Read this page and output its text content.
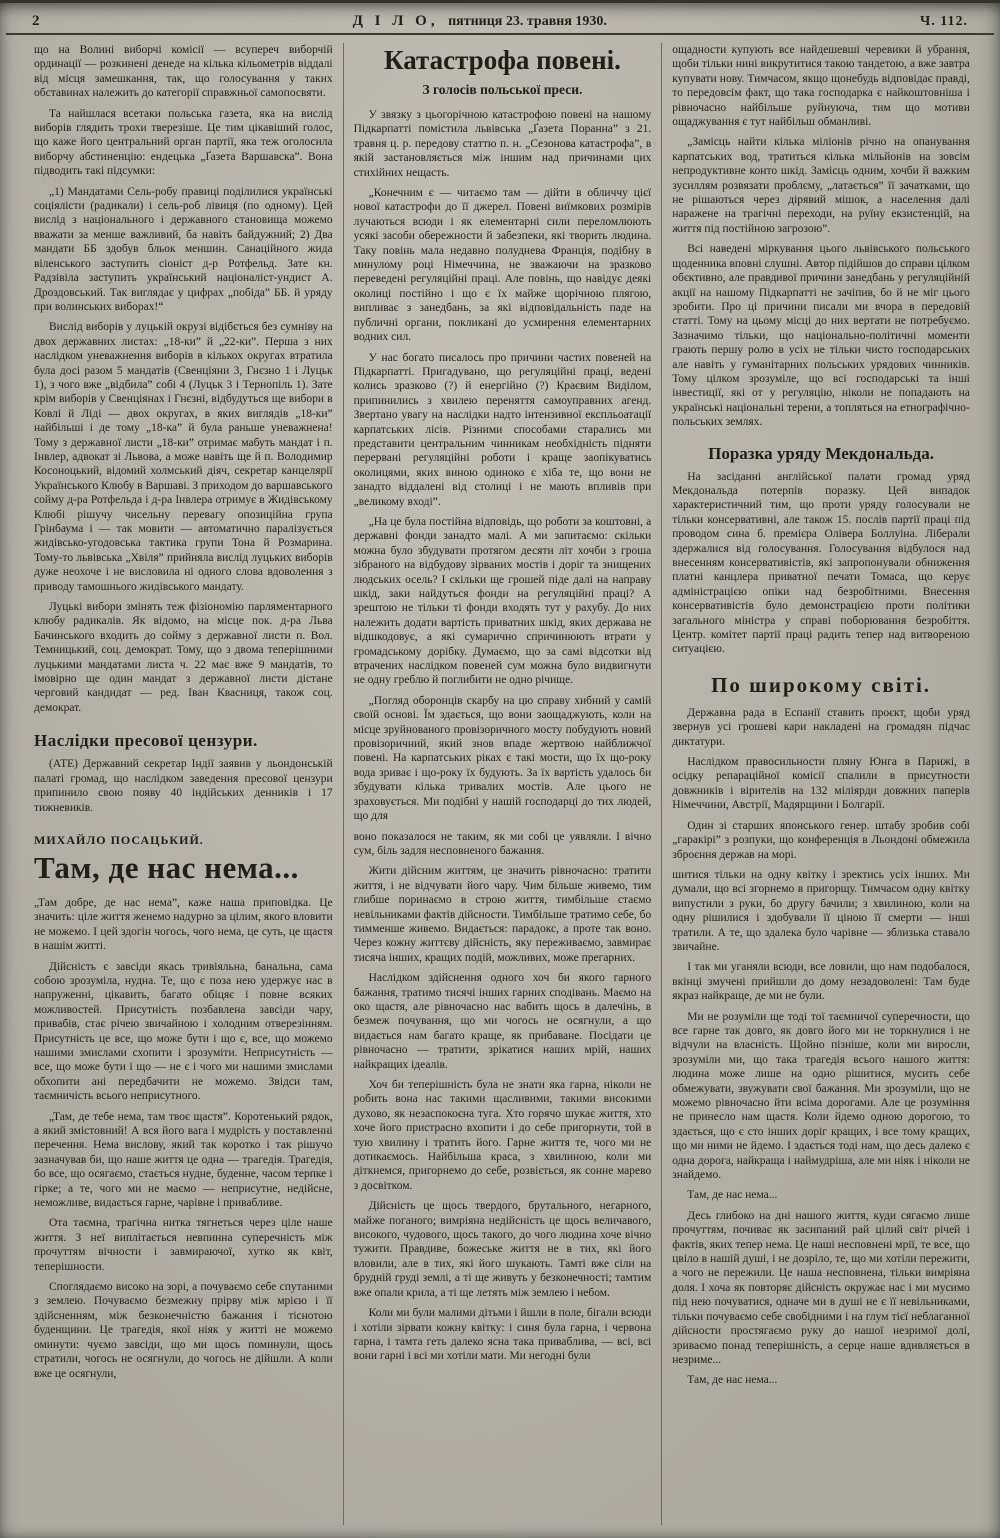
2	Д І Л О, пятниця 23. травня 1930.	Ч. 112.

що на Волині виборчі комісії — всупереч виборчій ординації — розкинені денеде на кілька кільометрів віддалі від місця замешкання, так, що голосування у таких обставинах належить до категорії справжньої самопосвяти.

Та найшлася всетаки польська газета, яка на вислід виборів глядить трохи тверезіше. Це тим цікавіший голос, що каже його центральний орган партії, яка теж оголосила виборчу абстиненцію: ендецька „Ґазета Варшавска”. Вона підводить такі підсумки:

„1) Мандатами Сель-робу правиці поділилися українські соціялісти (радикали) і сель-роб лівиця (по одному). Цей вислід з національного і державного становища можемо вважати за менше важливий, ба навіть байдужний; 2) Два мандати ББ здобув бльок меншин. Санаційного жида віленського заступить сіоніст д-р Ротфельд. Зате кн. Радзівіла заступить український націоналіст-ундист А. Дроздовський. Так виглядає у цифрах „побіда” ББ. й уряду при волинських виборах!“

Вислід виборів у луцькій окрузі відібється без сумніву на двох державних листах: „18-ки” й „22-ки”. Перша з них наслідком уневажнення виборів в кількох округах втратила була досі разом 5 мандатів (Свенціяни 3, Гнєзно 1 і Луцьк 1), з чого вже „відбила” собі 4 (Луцьк 3 і Тернопіль 1). Зате крім виборів у Свенціянах і Гнєзні, відбудуться ще вибори в Ковлі й Ліді — двох округах, в яких виглядів „18-ки” найбільші і де тому „18-ка” й була раньше уневажнена! Тому з державної листи „18-ки” отримає мабуть мандат і п. Інвлер, адвокат зі Львова, а може навіть ще й п. Володимир Косоноцький, відомий холмський діяч, секретар канцелярії Українського Клюбу в Варшаві. З приходом до варшавського сойму д-ра Ротфельда і д-ра Інвлера отримує в Жидівському Клюбі рішучу чисельну перевагу опозиційна група Грінбаума і — так мовити — автоматично паралізується жидівсько-угодовська тактика групи Тона й Розмарина. Тому-то львівська „Хвіля” прийняла вислід луцьких виборів дуже неохоче і не висловила ні одного слова вдоволення з приводу тамошнього жидівського мандату.

Луцькі вибори змінять теж фізіономію парляментарного клюбу радикалів. Як відомо, на місце пок. д-ра Льва Бачинського входить до сойму з державної листи п. Вол. Темницький, соц. демократ. Тому, що з двома теперішними луцькими мандатами листа ч. 22 має вже 9 мандатів, то імовірно ще один мандат з державної листи дістане черговий кандидат — ред. Іван Квасниця, також соц. демократ.

Наслідки пресової цензури.

(АТЕ) Державний секретар Індії заявив у льондонській палаті громад, що наслідком заведення пресової цензури припинило свою появу 40 індійських денників і 17 тижневиків.

МИХАЙЛО ПОСАЦЬКИЙ.
Там, де нас нема...

„Там добре, де нас нема”, каже наша приповідка. Це значить: ціле життя женемо надурно за цілим, якого вловити не можемо. І цей здогін чогось, чого нема, це суть, це щастя в нашім житті.

Дійсність є завсіди якась тривіяльна, банальна, сама собою зрозуміла, нудна. Те, що є поза нею удержує нас в напруженні, цікавить, багато обіцяє і повне всяких можливостей. Присутність позбавлена завсіди чару, привабів, стає річею звичайною і холодним отверезінням. Присутність це все, що може бути і що є, все, що можемо нашими змислами схопити і зрозуміти. Неприсутність — все, що може бути і що — не є і чого ми нашими змислами обхопити ані передбачити не можемо. Звідси там, таємничість всього неприсутного.

„Там, де тебе нема, там твоє щастя”. Коротенький рядок, а який змістовний! А вся його вага і мудрість у поставленні перечення. Нема вислову, який так коротко і так рішучо зазначував би, що наше життя це одна — трагедія. Трагедія, бо все, що осягаємо, стається нудне, буденне, часом терпке і гірке; а те, чого ми не маємо — неприсутне, недійсне, неможливе, видається гарне, чарівне і привабливе.

Ота таємна, трагічна нитка тягнеться через ціле наше життя. З неї виплітається невпинна суперечність між прочуттям вічности і завмираючої, хутко як квіт, теперішности.

Споглядаємо високо на зорі, а почуваємо себе спутаними з землею. Почуваємо безмежну прірву між мрією і її здійсненням, між безконечністю бажання і тіснотою буденщини. Це трагедія, якої ніяк у житті не можемо оминути: чуємо завсіди, що ми щось поминули, щось стратили, чогось не осягнули, до чогось не дійшли. А коли вже це осягнули,

Катастрофа повені.
З голосів польської преси.

У звязку з цьогорічною катастрофою повені на нашому Підкарпатті помістила львівська „Ґазета Поранна” з 21. травня ц. р. передову статтю п. н. „Сезонова катастрофа”, в якій застановляється між іншим над причинами цих стихійних нещасть.

„Конечним є — читаємо там — дійти в обличчу цієї нової катастрофи до її джерел. Повені виїмкових розмірів лучаються всюди і як елементарні сили переломлюють усякі засоби обережности й забезпеки, які творить людина. Таку повінь мала недавно полуднева Франція, подібну в минулому році Німеччина, не зважаючи на зразково переведені регуляційні праці. Але повінь, що навідує деякі околиці постійно і що є їх майже щорічною плягою, випливає з занедбань, за які відповідальність паде на публичні органи, покликані до усмирення елементарних водних сил.

У нас богато писалось про причини частих повеней на Підкарпатті. Пригадувано, що регуляційні праці, ведені колись зразково (?) й енергійно (?) Краєвим Виділом, припинились з хвилею переняття самоуправних агенд. Звертано увагу на наслідки надто інтензивної експльоатації карпатських лісів. Різними способами старались ми представити центральним чинникам необхідність підняти перервані регуляційні роботи і краще заопікуватись околицями, яких виною одиноко є хіба те, що вони не занадто віддалені від столиці і не мають впливів при „великому вході”.

„На це була постійна відповідь, що роботи за коштовні, а державні фонди занадто малі. А ми запитаємо: скільки можна було збудувати протягом десяти літ хочби з гроша зібраного на відбудову зірваних мостів і доріг та знищених людських осель? І скільки ще грошей піде далі на направу шкід, заки найдуться фонди на регуляційні праці? А зрештою не тільки ті фонди входять тут у рахубу. До них належить додати вартість приватних шкід, яких держава не відшкодовує, а які сумарично спричинюють втрати у громадському дорібку. Думаємо, що за самі відсотки від втрачених наслідком повеней сум можна було видвигнути не одну греблю й поглибити не одно річище.

„Погляд оборонців скарбу на цю справу хибний у самій своїй основі. Їм здається, що вони заощаджують, коли на місце зруйнованого провізоричного мосту побудують новий провізоричний, який знов впаде жертвою найближчої повені. На карпатських ріках є такі мости, що їх що-року вода зриває і що-року їх будують. За їх вартість удалось би збудувати кілька тривалих мостів. Але цього не зраховується. Ми подібні у нашій господарці до тих людей, що для

воно показалося не таким, як ми собі це уявляли. І вічно сум, біль задля несповненого бажання.

Жити дійсним життям, це значить рівночасно: тратити життя, і не відчувати його чару. Чим більше живемо, тим глибше поринаємо в строю життя, тимбільше стаємо невільниками фактів дійсности. Тимбільше тратимо себе, бо тимменше живемо. Видається: парадокс, а проте так воно. Через кожну життєву дійсність, яку переживаємо, завмирає тисяча інших, кращих подій, можливих, може прегарних.

Наслідком здійснення одного хоч би якого гарного бажання, тратимо тисячі інших гарних сподівань. Маємо на око щастя, але рівночасно нас вабить щось в далечінь, в безмеж почування, що ми чогось не осягнули, а що видається нам багато краще, як прибаване. Посідати це рівночасно — тратити, зрікатися наших мрій, наших найкращих ідеалів.

Хоч би теперішність була не знати яка гарна, ніколи не робить вона нас такими щасливими, такими високими духово, як незаспокоєна туга. Хто горячо шукає життя, хто хоче його пристрасно вхопити і до себе пригорнути, той в тую хвилину і тратить його. Гарне життя те, чого ми не дотикаємось. Найбільша краса, з хвилиною, коли ми діткнемся, пригорнемо до себе, розвіється, як сонне марево з досвітком.

Дійсність це щось твердого, брутального, негарного, майже поганого; вимріяна недійсність це щось величавого, високого, чудового, щось такого, до чого людина хоче вічно тужити. Правдиве, божеське життя не в тих, які його вловили, але в тих, які його шукають. Тамті вже сіли на брудній груді землі, а ті ще живуть у безконечності; тамтим вже опали крила, а ті ще летять між землею і небом.

Коли ми були малими дітьми і йшли в поле, бігали всюди і хотіли зірвати кожну квітку: і синя була гарна, і червона гарна, і тамта геть далеко ясна така приваблива, — всі, всі вони гарні і всі ми хотіли мати. Ми негодні були

ощадности купують все найдешевші черевики й убрання, щоби тільки нині викрутитися такою тандетою, а вже завтра купувати нову. Тимчасом, якщо щонебудь відповідає правді, то передовсім факт, що така господарка є найкоштовніша і рівночасно найбільше руйнуюча, тим що мотиви ощаджування є тут найбільш обманливі.

„Замісць найти кілька міліонів річно на опанування карпатських вод, тратиться кілька мільйонів на зовсім непродуктивне конто шкід. Замісць одним, хочби й важким зусиллям розвязати проблєму, „латається” її зачатками, що не рішаються через дірявий мішок, а населення далі наражене на трагічні переходи, на руїну екзистенцій, на життя під постійною загрозою”.

Всі наведені міркування цього львівського польського щоденника вповні слушні. Автор підійшов до справи цілком обєктивно, але правдивої причини занедбань у регуляційній акції на нашому Підкарпатті не зачіпив, бо й не міг цього зробити. Про ці причини писали ми вчора в передовій статті. Тому на цьому місці до них вертати не потребуємо. Зазначимо тільки, що національно-політичні моменти грають першу ролю в усіх не тільки чисто господарських але навіть у гуманітарних польських урядових чинників. Тому цілком зрозуміле, що всі господарські та інші інвестиції, які от у регуляцію, ніколи не попадають на українські національні терени, а топляться на етнографічно-польських землях.

Поразка уряду Мекдональда.

На засіданні англійської палати громад уряд Мекдональда потерпів поразку. Цей випадок характеристичний тим, що проти уряду голосували не тільки консервативні, але також 15. послів партії праці під проводом сина б. премієра Олівера Боллуіна. Ліберали здержалися від голосування. Голосування відбулося над внесенням консервативістів, які запропонували обниження платні канцлера приватної печати Томаса, що керує адміністрацією опіки над безробітними. Внесення консервативістів було демонстрацією проти політики загального міністра у справі поборювання безробіття. Центр. комітет партії праці радить тепер над витвореною ситуацією.

По широкому світі.

Державна рада в Еспанії ставить проєкт, щоби уряд звернув усі грошеві кари накладені на громадян підчас диктатури.

Наслідком правосильности пляну Юнга в Парижі, в осідку репараційної комісії спалили в присутности довжників і вірителів на 132 міліярди довжних паперів Німеччини, Австрії, Мадярщини і Болгарії.

Один зі старших японського генер. штабу зробив собі „гаракірі” з розпуки, що конференція в Льондоні обмежила зброєння держав на морі.

шитися тільки на одну квітку і зректись усіх інших. Ми думали, що всі згорнемо в пригорщу. Тимчасом одну квітку випустили з руки, бо другу бачили; з хвилиною, коли на одну рішилися і здобували її ціною її смерти — інші тратили. А те, що здалека було чарівне — зблизька ставало звичайне.

І так ми уганяли всюди, все ловили, що нам подобалося, вкінці змучені прийшли до дому незадоволені: Там буде якраз найкраще, де ми не були.

Ми не розуміли ще тоді тої таємничої суперечности, що все гарне так довго, як довго його ми не торкнулися і не відчули на власність. Щойно пізніше, коли ми виросли, зрозуміли ми, що така трагедія всього нашого життя: людина може лише на одно рішитися, мусить себе обмежувати, звужувати свої бажання. Ми зрозуміли, що не можемо рівночасно йти всіма дорогами. Але це розуміння не принесло нам щастя. Коли йдемо одною дорогою, то здається, що є сто інших доріг кращих, і все тому кращих, що ми ними не йдемо. І здається тоді нам, що десь далеко є одна дорога, найкраща і наймудріша, але ми ніяк і ніколи не знайдемо.

Там, де нас нема...

Десь глибоко на дні нашого життя, куди сягаємо лише прочуттям, почиває як засипаний рай цілий світ річей і фактів, яких тепер нема. Це наші несповнені мрії, те все, що цвіло в нашій душі, і не дозріло, те, що ми хотіли пережити, а чого не пережили. Це наша несповнена, тільки вимріяна доля. І хоча як повторяє дійсність окружає нас і ми мусимо під нею почуватися, одначе ми в душі не є її невільниками, тільки почуваємо себе свобідними і на глум тієї неблаганної дійсности простягаємо руку до нашої незримої долі, зриваємо понад теперішність, а серце наше вдивляється в незриме...

Там, де нас нема...
